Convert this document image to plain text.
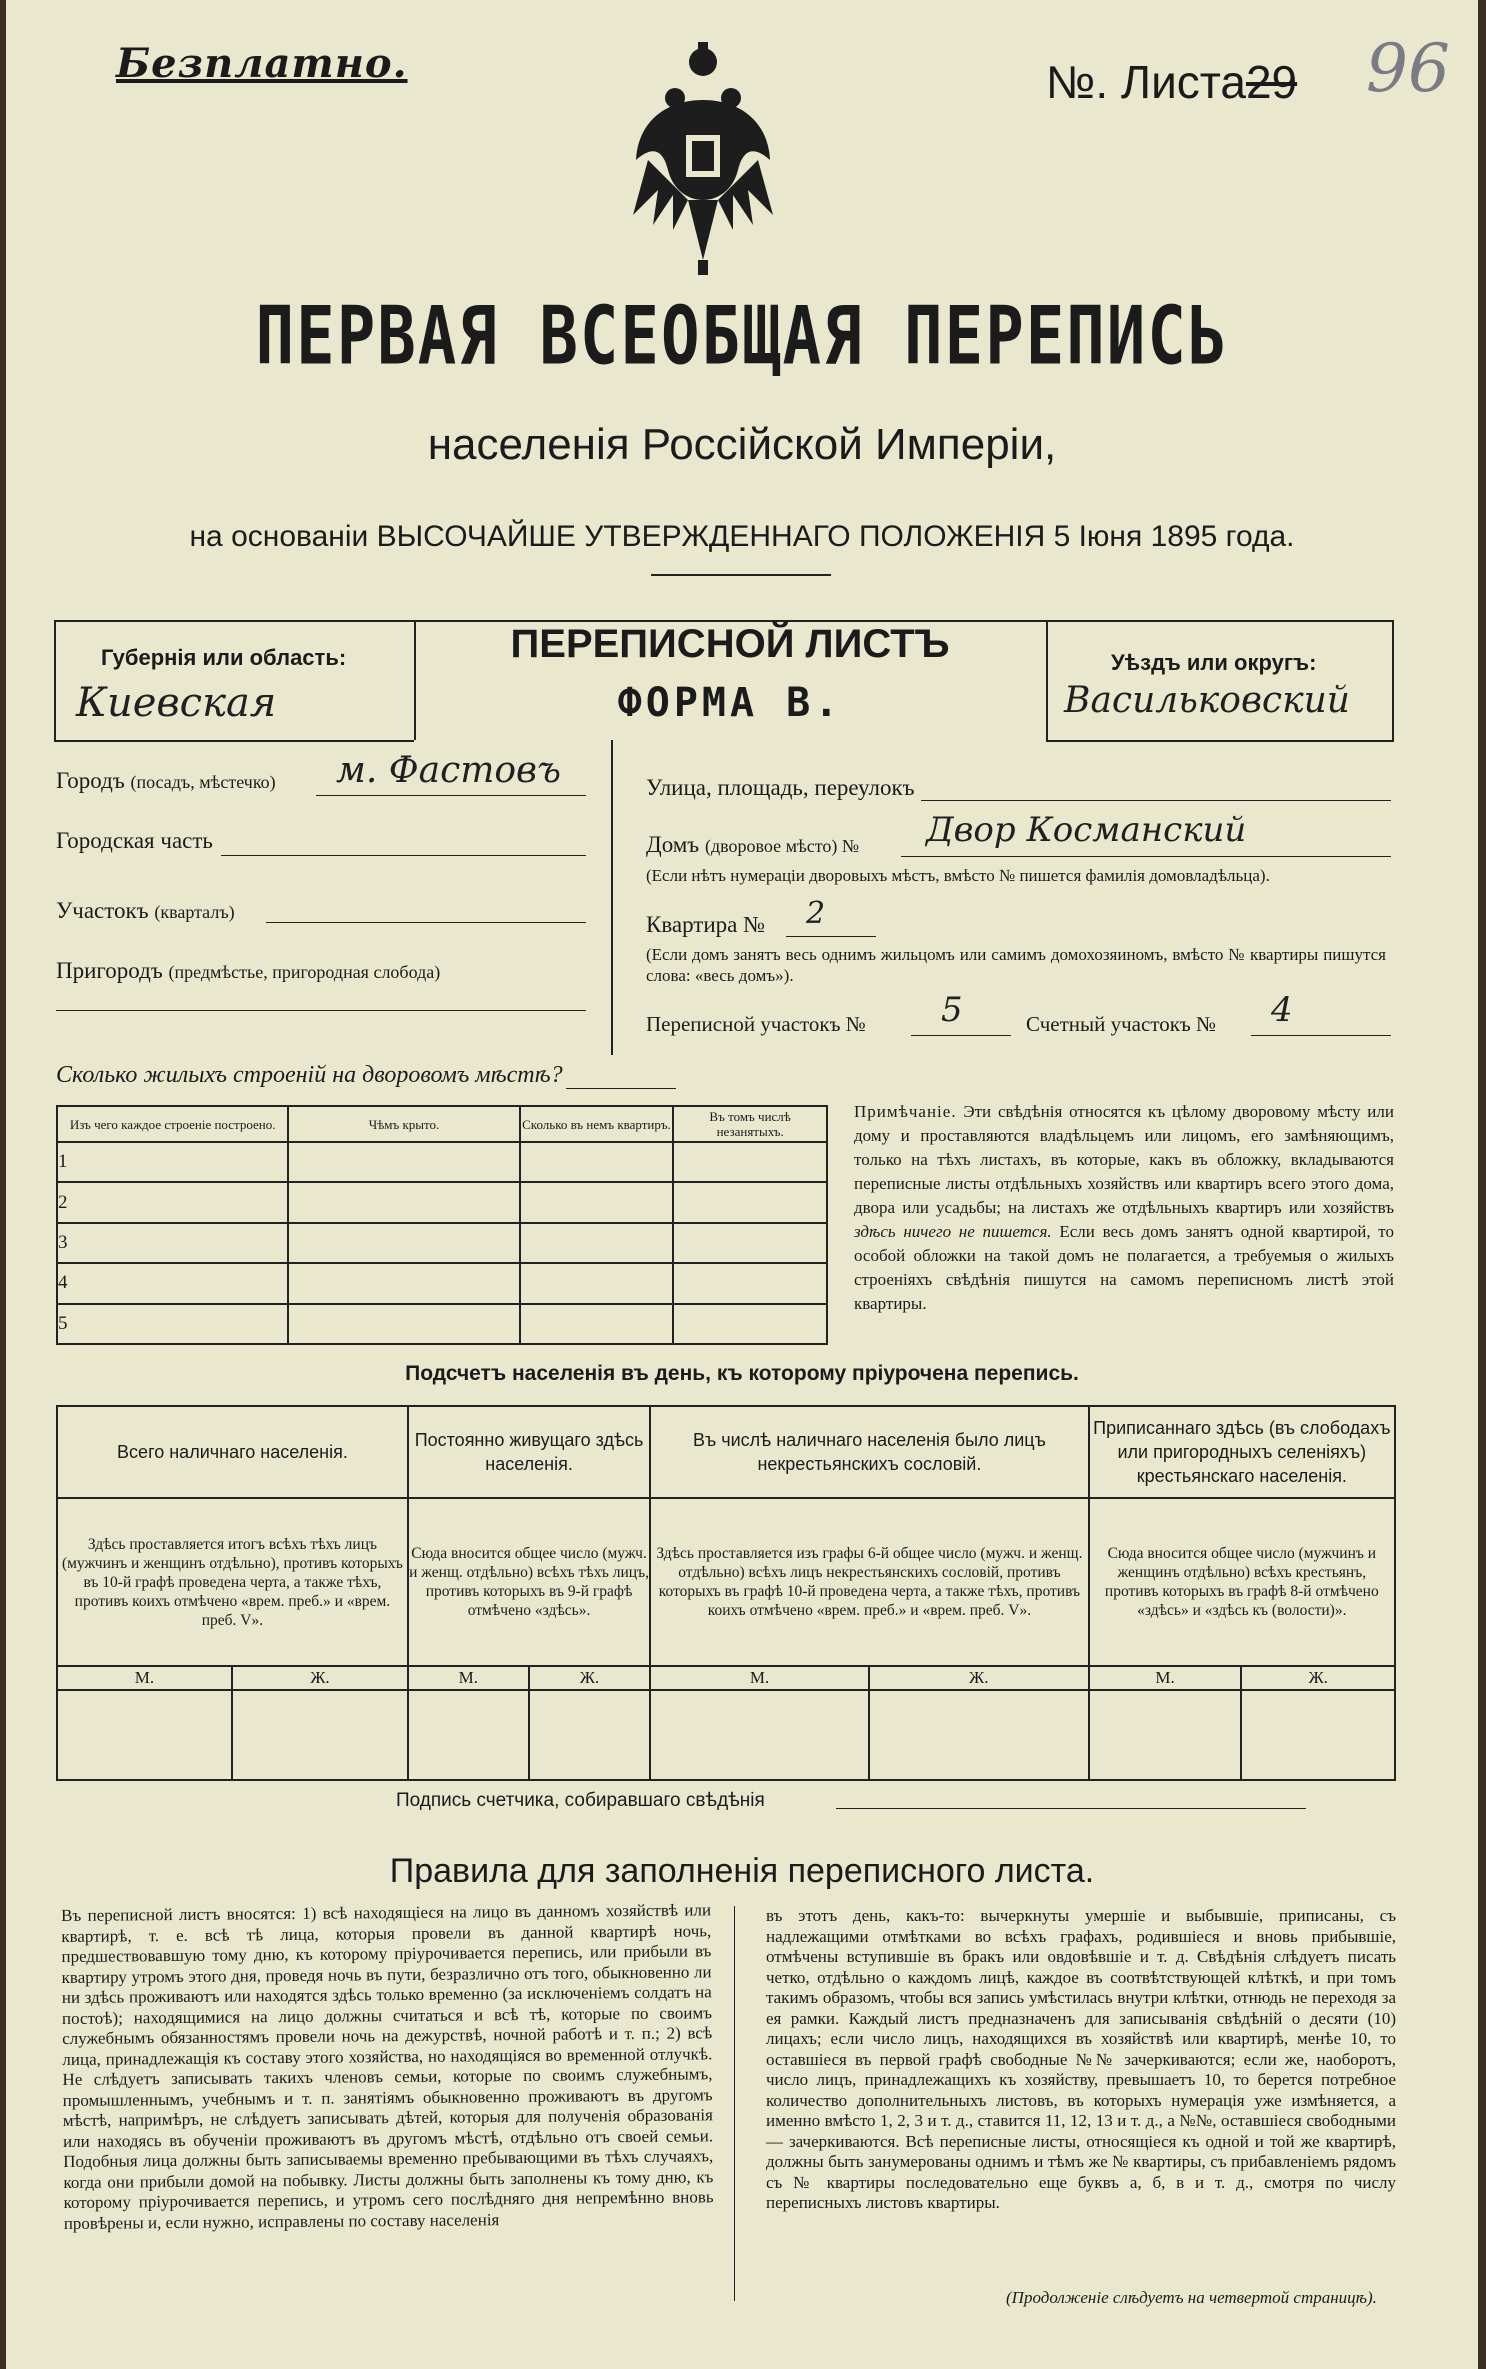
Безплатно.	№. Листа29 96
ПЕРВАЯ ВСЕОБЩАЯ ПЕРЕПИСЬ
населенія Россійской Имперіи,
на основаніи ВЫСОЧАЙШЕ УТВЕРЖДЕННАГО ПОЛОЖЕНІЯ 5 Іюня 1895 года.
Губернія или область:
Киевская
ПЕРЕПИСНОЙ ЛИСТЪ
ФОРМА В.
Уѣздъ или округъ:
Васильковский
Городъ (посадъ, мѣстечко) м. Фастовъ
Городская часть
Участокъ (кварталъ)
Пригородъ (предмѣстье, пригородная слобода)
Улица, площадь, переулокъ
Домъ (дворовое мѣсто) № Двор Косманский
(Если нѣтъ нумераціи дворовыхъ мѣстъ, вмѣсто № пишется фамилія домовладѣльца).
Квартира № 2
(Если домъ занятъ весь однимъ жильцомъ или самимъ домохозяиномъ, вмѣсто № квартиры пишутся слова: «весь домъ»).
Переписной участокъ № 5	Счетный участокъ № 4
Сколько жилыхъ строеній на дворовомъ мѣстѣ?
Изъ чего каждое строеніе построено.	Чѣмъ крыто.	Сколько въ немъ квартиръ.	Въ томъ числѣ незанятыхъ.
1			
2			
3			
4			
5			
Примѣчаніе. Эти свѣдѣнія относятся къ цѣлому дворовому мѣсту или дому и проставляются владѣльцемъ или лицомъ, его замѣняющимъ, только на тѣхъ листахъ, въ которые, какъ въ обложку, вкладываются переписные листы отдѣльныхъ хозяйствъ или квартиръ всего этого дома, двора или усадьбы; на листахъ же отдѣльныхъ квартиръ или хозяйствъ здѣсь ничего не пишется. Если весь домъ занятъ одной квартирой, то особой обложки на такой домъ не полагается, а требуемыя о жилыхъ строеніяхъ свѣдѣнія пишутся на самомъ переписномъ листѣ этой квартиры.
Подсчетъ населенія въ день, къ которому пріурочена перепись.
Всего наличнаго населенія.		Постоянно живущаго здѣсь населенія.		Въ числѣ наличнаго населенія было лицъ некрестьянскихъ сословій.		Приписаннаго здѣсь (въ слободахъ или пригородныхъ селеніяхъ) крестьянскаго населенія.	
Здѣсь проставляется итогъ всѣхъ тѣхъ лицъ (мужчинъ и женщинъ отдѣльно), противъ которыхъ въ 10-й графѣ проведена черта, а также тѣхъ, противъ коихъ отмѣчено «врем. преб.» и «врем. преб. V».		Сюда вносится общее число (мужч. и женщ. отдѣльно) всѣхъ тѣхъ лицъ, противъ которыхъ въ 9-й графѣ отмѣчено «здѣсь».		Здѣсь проставляется изъ графы 6-й общее число (мужч. и женщ. отдѣльно) всѣхъ лицъ некрестьянскихъ сословій, противъ которыхъ въ графѣ 10-й проведена черта, а также тѣхъ, противъ коихъ отмѣчено «врем. преб.» и «врем. преб. V».		Сюда вносится общее число (мужчинъ и женщинъ отдѣльно) всѣхъ крестьянъ, противъ которыхъ въ графѣ 8-й отмѣчено «здѣсь» и «здѣсь къ (волости)».	
М.	Ж.	М.	Ж.	М.	Ж.	М.	Ж.

Подпись счетчика, собиравшаго свѣдѣнія
Правила для заполненія переписного листа.
Въ переписной листъ вносятся: 1) всѣ находящіеся на лицо въ данномъ хозяйствѣ или квартирѣ, т. е. всѣ тѣ лица, которыя провели въ данной квартирѣ ночь, предшествовавшую тому дню, къ которому пріурочивается перепись, или прибыли въ квартиру утромъ этого дня, проведя ночь въ пути, безразлично отъ того, обыкновенно ли ни здѣсь проживаютъ или находятся здѣсь только временно (за исключеніемъ солдатъ на постоѣ); находящимися на лицо должны считаться и всѣ тѣ, которые по своимъ служебнымъ обязанностямъ провели ночь на дежурствѣ, ночной работѣ и т. п.; 2) всѣ лица, принадлежащія къ составу этого хозяйства, но находящіяся во временной отлучкѣ. Не слѣдуетъ записывать такихъ членовъ семьи, которые по своимъ служебнымъ, промышленнымъ, учебнымъ и т. п. занятіямъ обыкновенно проживаютъ въ другомъ мѣстѣ, напримѣръ, не слѣдуетъ записывать дѣтей, которыя для полученія образованія или находясь въ обученіи проживаютъ въ другомъ мѣстѣ, отдѣльно отъ своей семьи. Подобныя лица должны быть записываемы временно пребывающими въ тѣхъ случаяхъ, когда они прибыли домой на побывку. Листы должны быть заполнены къ тому дню, къ которому пріурочивается перепись, и утромъ сего послѣдняго дня непремѣнно вновь провѣрены и, если нужно, исправлены по составу населенія
въ этотъ день, какъ-то: вычеркнуты умершіе и выбывшіе, приписаны, съ надлежащими отмѣтками во всѣхъ графахъ, родившіеся и вновь прибывшіе, отмѣчены вступившіе въ бракъ или овдовѣвшіе и т. д. Свѣдѣнія слѣдуетъ писать четко, отдѣльно о каждомъ лицѣ, каждое въ соотвѣтствующей клѣткѣ, и при томъ такимъ образомъ, чтобы вся запись умѣстилась внутри клѣтки, отнюдь не переходя за ея рамки. Каждый листъ предназначенъ для записыванія свѣдѣній о десяти (10) лицахъ; если число лицъ, находящихся въ хозяйствѣ или квартирѣ, менѣе 10, то оставшіеся въ первой графѣ свободные №№ зачеркиваются; если же, наоборотъ, число лицъ, принадлежащихъ къ хозяйству, превышаетъ 10, то берется потребное количество дополнительныхъ листовъ, въ которыхъ нумерація уже измѣняется, а именно вмѣсто 1, 2, 3 и т. д., ставится 11, 12, 13 и т. д., а №№, оставшіеся свободными — зачеркиваются. Всѣ переписные листы, относящіеся къ одной и той же квартирѣ, должны быть занумерованы однимъ и тѣмъ же № квартиры, съ прибавленіемъ рядомъ съ № квартиры последовательно еще буквъ а, б, в и т. д., смотря по числу переписныхъ листовъ квартиры.
(Продолженіе слѣдуетъ на четвертой страницѣ).
